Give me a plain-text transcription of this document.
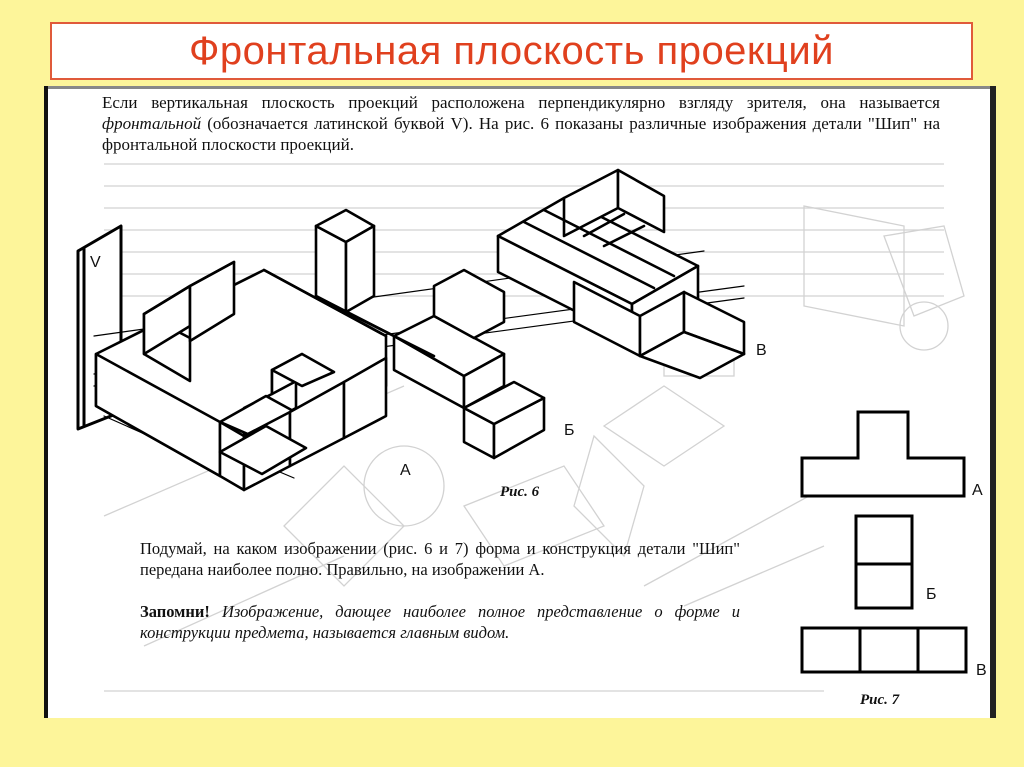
Фронтальная плоскость проекций
Если вертикальная плоскость проекций расположена перпендикулярно взгляду зрителя, она называется фронтальной (обозначается латинской буквой V). На рис. 6 показаны различные изображения детали "Шип" на фронтальной плоскости проекций.
V
А
Б
В
Рис. 6
Подумай, на каком изображении (рис. 6 и 7) форма и конструкция детали "Шип" передана наиболее полно. Правильно, на изображении А.
Запомни! Изображение, дающее наиболее полное представление о форме и конструкции предмета, называется главным видом.
А
Б
В
Рис. 7
